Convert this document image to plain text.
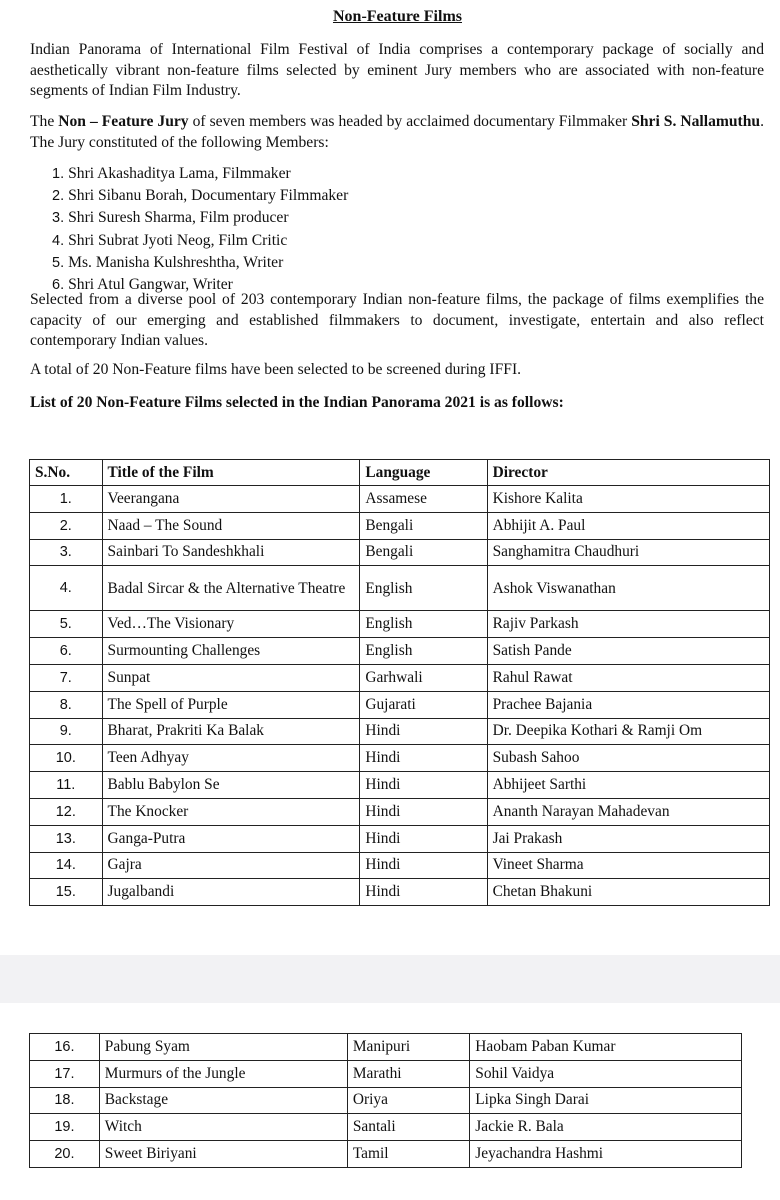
Non-Feature Films

Indian Panorama of International Film Festival of India comprises a contemporary package of socially and aesthetically vibrant non-feature films selected by eminent Jury members who are associated with non-feature segments of Indian Film Industry.

The Non – Feature Jury of seven members was headed by acclaimed documentary Filmmaker Shri S. Nallamuthu. The Jury constituted of the following Members:

1. Shri Akashaditya Lama, Filmmaker
2. Shri Sibanu Borah, Documentary Filmmaker
3. Shri Suresh Sharma, Film producer
4. Shri Subrat Jyoti Neog, Film Critic
5. Ms. Manisha Kulshreshtha, Writer
6. Shri Atul Gangwar, Writer

Selected from a diverse pool of 203 contemporary Indian non-feature films, the package of films exemplifies the capacity of our emerging and established filmmakers to document, investigate, entertain and also reflect contemporary Indian values.

A total of 20 Non-Feature films have been selected to be screened during IFFI.

List of 20 Non-Feature Films selected in the Indian Panorama 2021 is as follows:

S.No.	Title of the Film	Language	Director
1.	Veerangana	Assamese	Kishore Kalita
2.	Naad – The Sound	Bengali	Abhijit A. Paul
3.	Sainbari To Sandeshkhali	Bengali	Sanghamitra Chaudhuri
4.	Badal Sircar & the Alternative Theatre	English	Ashok Viswanathan
5.	Ved…The Visionary	English	Rajiv Parkash
6.	Surmounting Challenges	English	Satish Pande
7.	Sunpat	Garhwali	Rahul Rawat
8.	The Spell of Purple	Gujarati	Prachee Bajania
9.	Bharat, Prakriti Ka Balak	Hindi	Dr. Deepika Kothari & Ramji Om
10.	Teen Adhyay	Hindi	Subash Sahoo
11.	Bablu Babylon Se	Hindi	Abhijeet Sarthi
12.	The Knocker	Hindi	Ananth Narayan Mahadevan
13.	Ganga-Putra	Hindi	Jai Prakash
14.	Gajra	Hindi	Vineet Sharma
15.	Jugalbandi	Hindi	Chetan Bhakuni
16.	Pabung Syam	Manipuri	Haobam Paban Kumar
17.	Murmurs of the Jungle	Marathi	Sohil Vaidya
18.	Backstage	Oriya	Lipka Singh Darai
19.	Witch	Santali	Jackie R. Bala
20.	Sweet Biriyani	Tamil	Jeyachandra Hashmi
